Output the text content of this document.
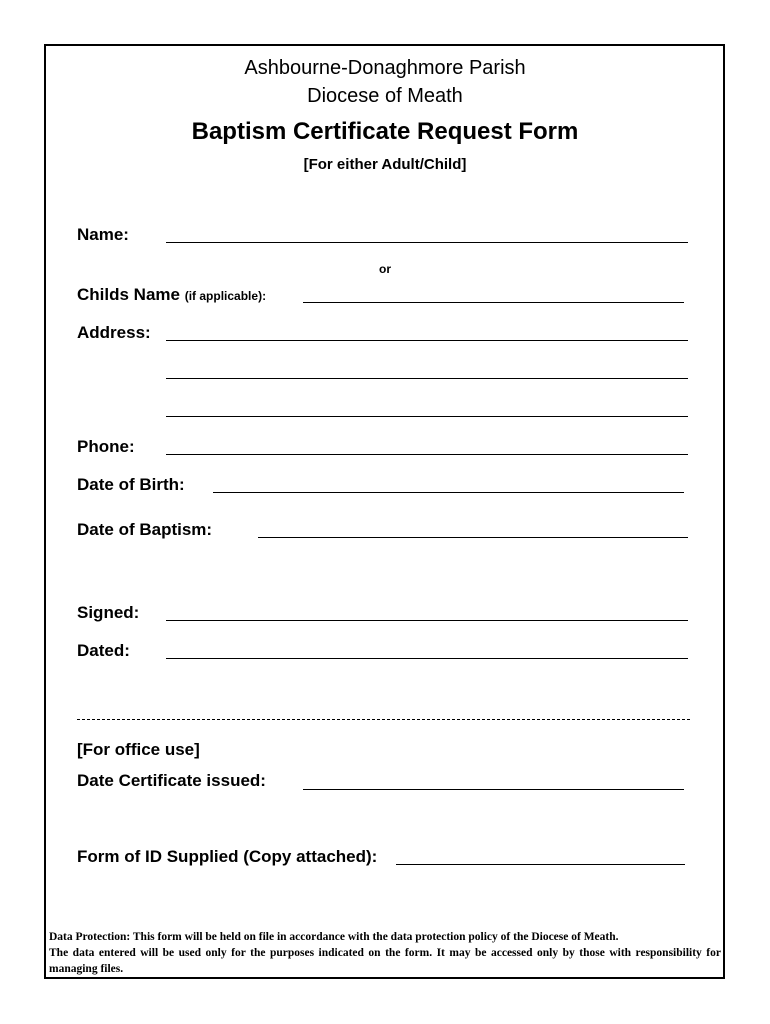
Ashbourne-Donaghmore Parish
Diocese of Meath
Baptism Certificate Request Form
[For either Adult/Child]
Name:
or
Childs Name (if applicable):
Address:
Phone:
Date of Birth:
Date of Baptism:
Signed:
Dated:
[For office use]
Date Certificate issued:
Form of ID Supplied (Copy attached):
Data Protection: This form will be held on file in accordance with the data protection policy of the Diocese of Meath.
The data entered will be used only for the purposes indicated on the form. It may be accessed only by those with responsibility for managing files.
